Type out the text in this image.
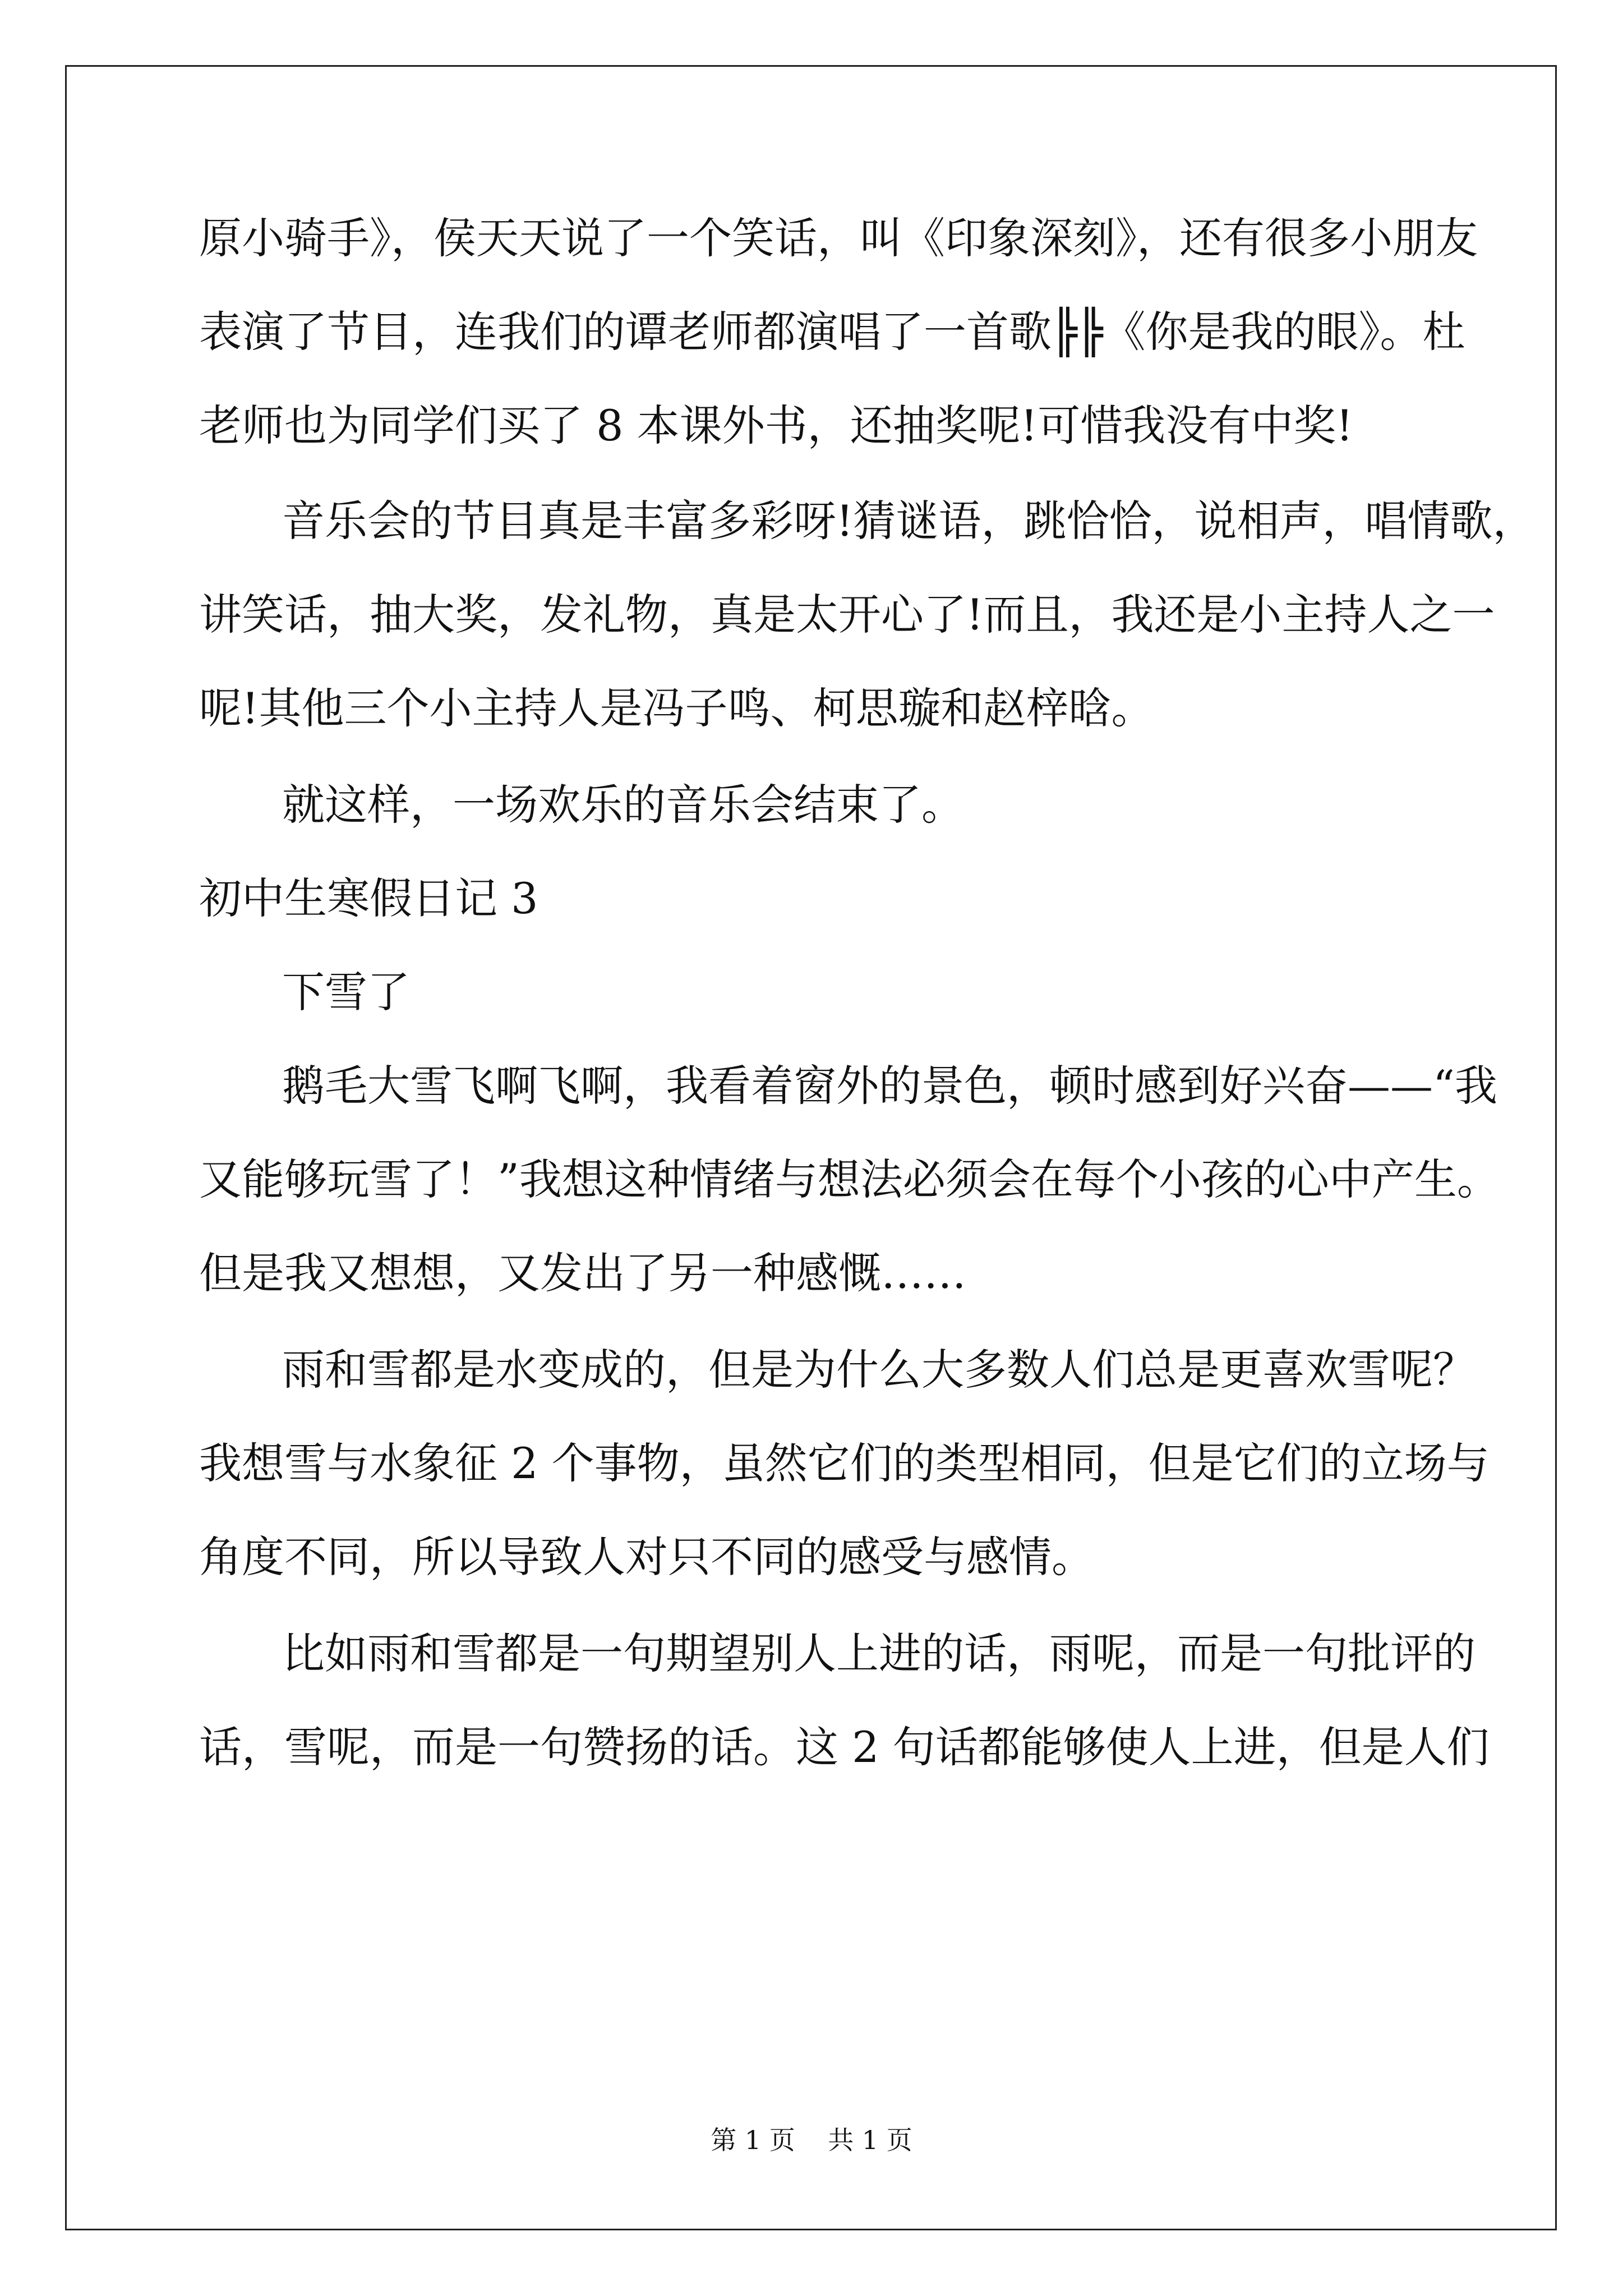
原小骑手》，侯天天说了一个笑话，叫《印象深刻》，还有很多小朋友
表演了节目，连我们的谭老师都演唱了一首歌╠╠《你是我的眼》。杜
老师也为同学们买了 8 本课外书，还抽奖呢!可惜我没有中奖!
音乐会的节目真是丰富多彩呀!猜谜语，跳恰恰，说相声，唱情歌，
讲笑话，抽大奖，发礼物，真是太开心了!而且，我还是小主持人之一
呢!其他三个小主持人是冯子鸣、柯思璇和赵梓晗。
就这样，一场欢乐的音乐会结束了。
初中生寒假日记 3
下雪了
鹅毛大雪飞啊飞啊，我看着窗外的景色，顿时感到好兴奋——“我
又能够玩雪了！”我想这种情绪与想法必须会在每个小孩的心中产生。
但是我又想想，又发出了另一种感慨……
雨和雪都是水变成的，但是为什么大多数人们总是更喜欢雪呢？
我想雪与水象征 2 个事物，虽然它们的类型相同，但是它们的立场与
角度不同，所以导致人对只不同的感受与感情。
比如雨和雪都是一句期望别人上进的话，雨呢，而是一句批评的
话，雪呢，而是一句赞扬的话。这 2 句话都能够使人上进，但是人们
第 1 页    共 1 页
